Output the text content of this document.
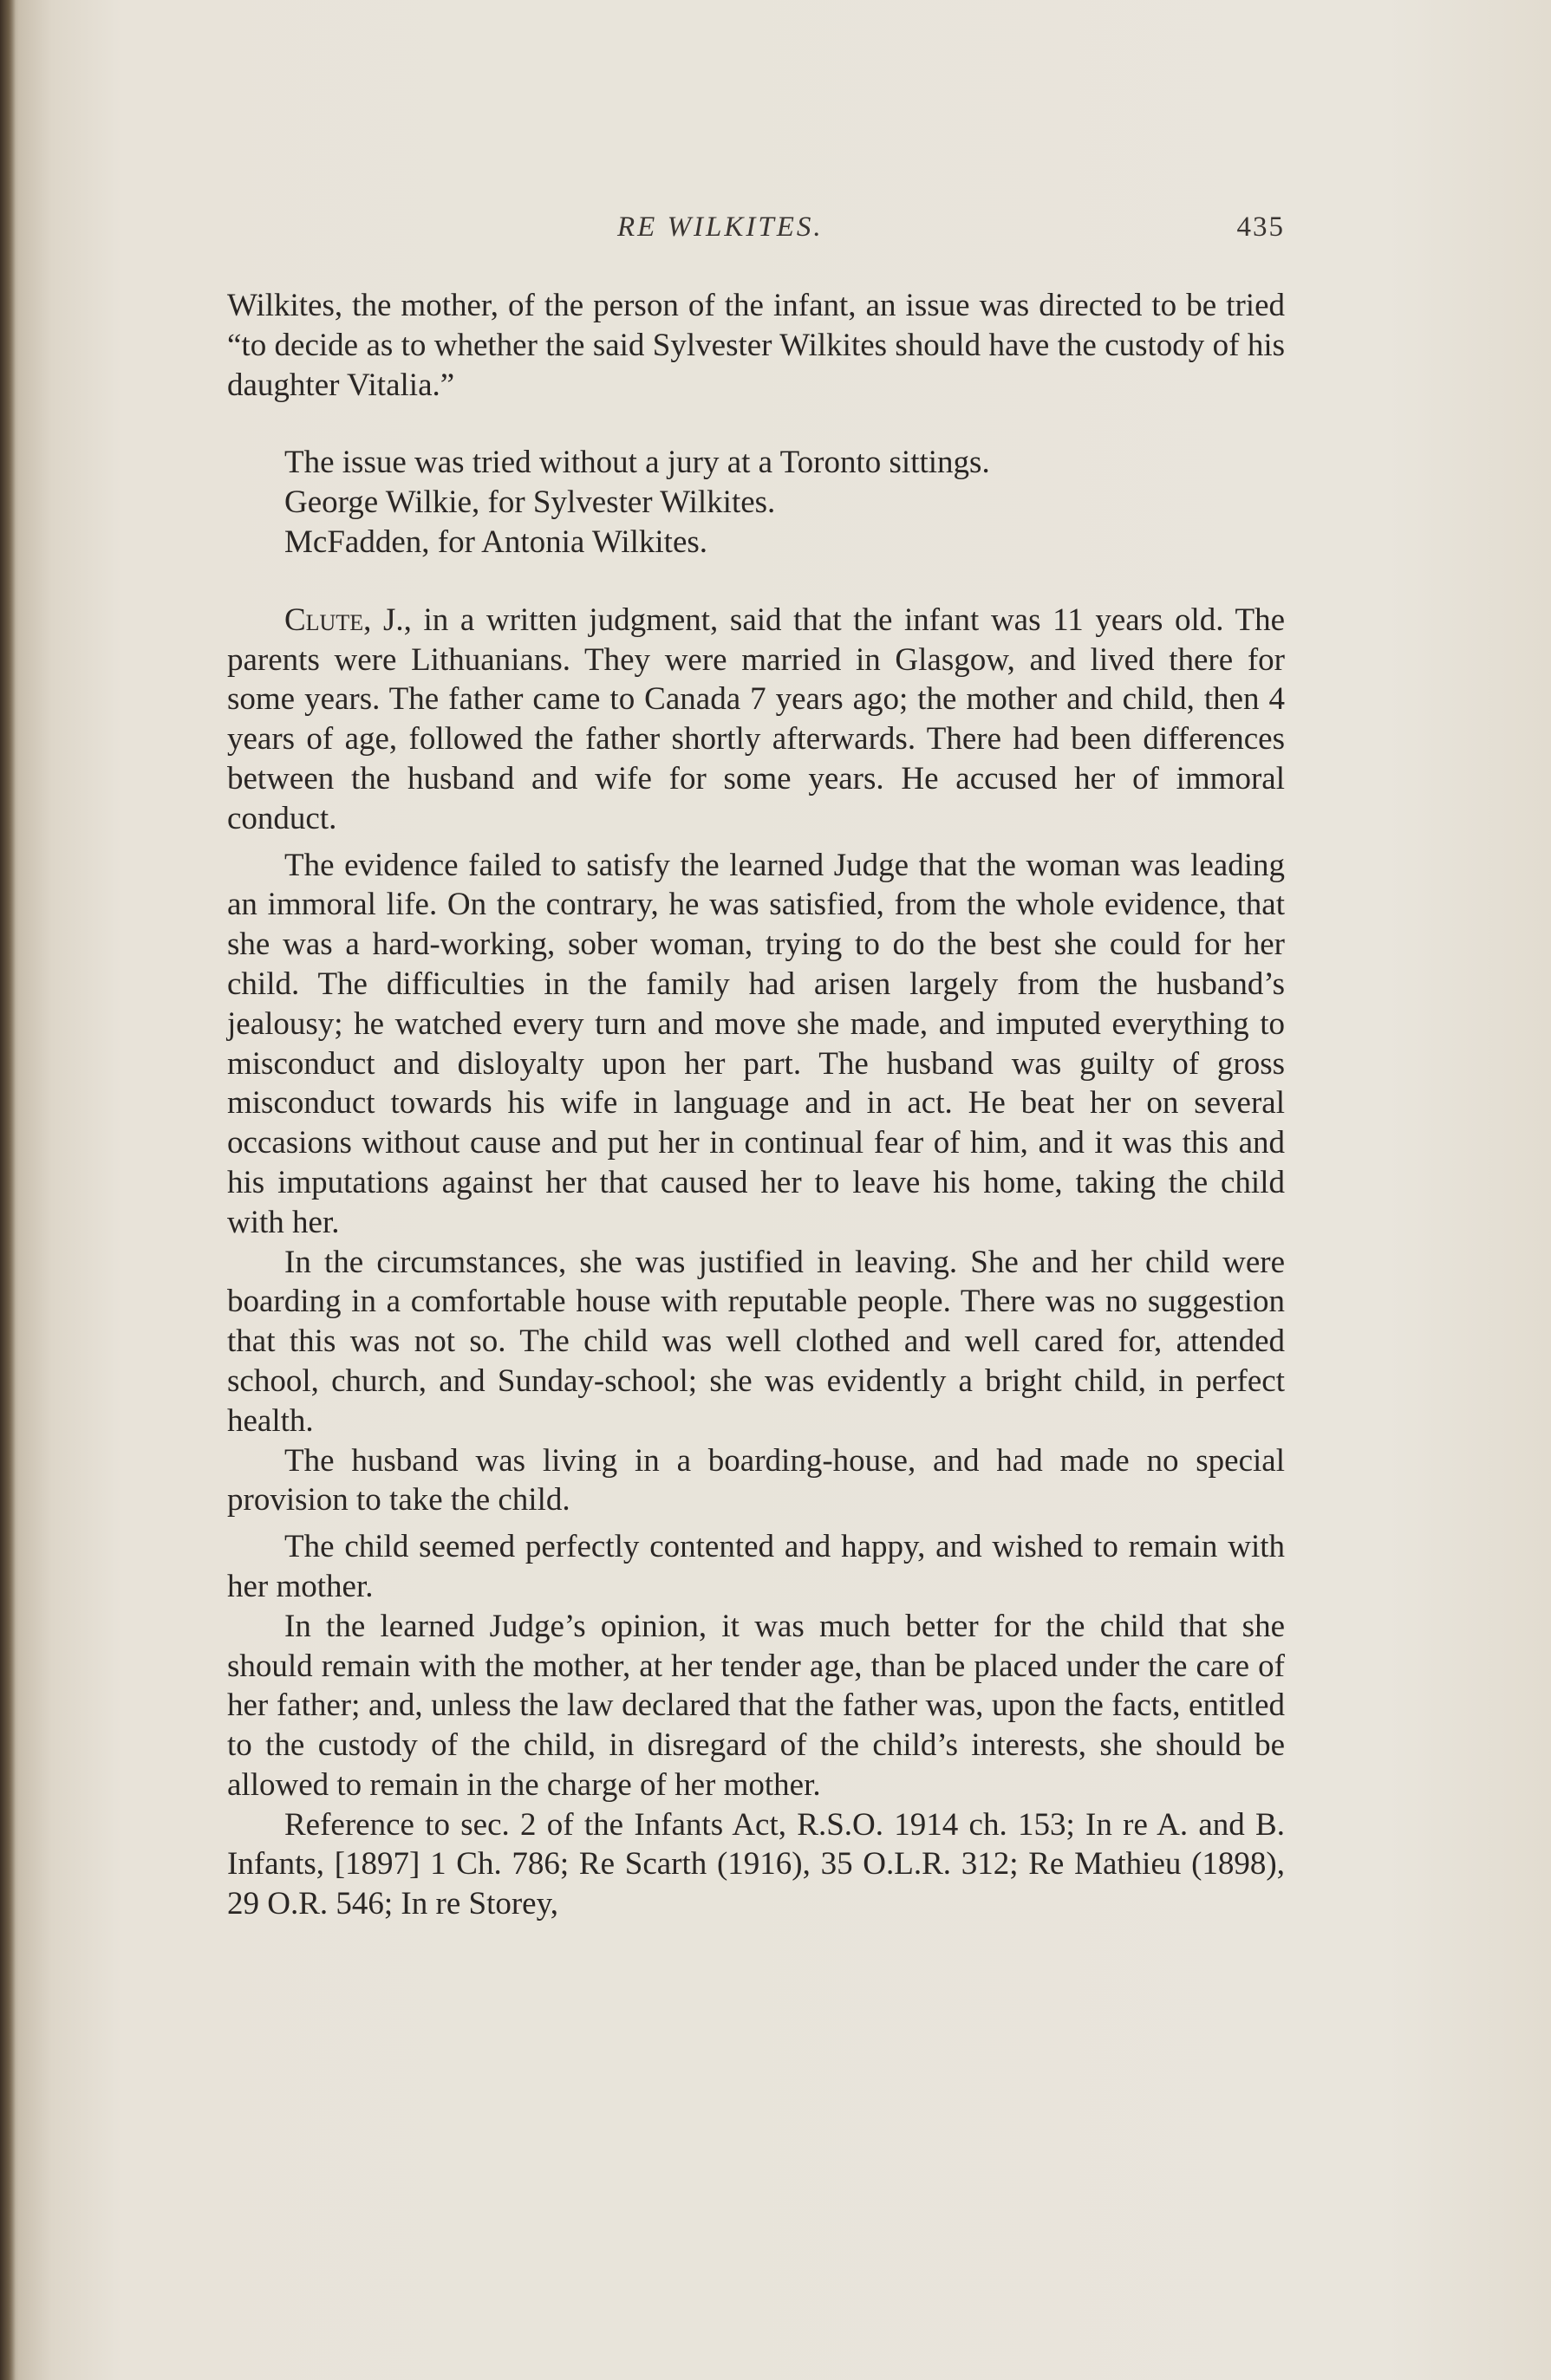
RE WILKITES.	435

Wilkites, the mother, of the person of the infant, an issue was directed to be tried “to decide as to whether the said Sylvester Wilkites should have the custody of his daughter Vitalia.”

The issue was tried without a jury at a Toronto sittings.

George Wilkie, for Sylvester Wilkites.

McFadden, for Antonia Wilkites.

Clute, J., in a written judgment, said that the infant was 11 years old. The parents were Lithuanians. They were married in Glasgow, and lived there for some years. The father came to Canada 7 years ago; the mother and child, then 4 years of age, followed the father shortly afterwards. There had been differences between the husband and wife for some years. He accused her of immoral conduct.

The evidence failed to satisfy the learned Judge that the woman was leading an immoral life. On the contrary, he was satisfied, from the whole evidence, that she was a hard-working, sober woman, trying to do the best she could for her child. The difficulties in the family had arisen largely from the husband’s jealousy; he watched every turn and move she made, and imputed everything to misconduct and disloyalty upon her part. The husband was guilty of gross misconduct towards his wife in language and in act. He beat her on several occasions without cause and put her in continual fear of him, and it was this and his imputations against her that caused her to leave his home, taking the child with her.

In the circumstances, she was justified in leaving. She and her child were boarding in a comfortable house with reputable people. There was no suggestion that this was not so. The child was well clothed and well cared for, attended school, church, and Sunday-school; she was evidently a bright child, in perfect health.

The husband was living in a boarding-house, and had made no special provision to take the child.

The child seemed perfectly contented and happy, and wished to remain with her mother.

In the learned Judge’s opinion, it was much better for the child that she should remain with the mother, at her tender age, than be placed under the care of her father; and, unless the law declared that the father was, upon the facts, entitled to the custody of the child, in disregard of the child’s interests, she should be allowed to remain in the charge of her mother.

Reference to sec. 2 of the Infants Act, R.S.O. 1914 ch. 153; In re A. and B. Infants, [1897] 1 Ch. 786; Re Scarth (1916), 35 O.L.R. 312; Re Mathieu (1898), 29 O.R. 546; In re Storey,
